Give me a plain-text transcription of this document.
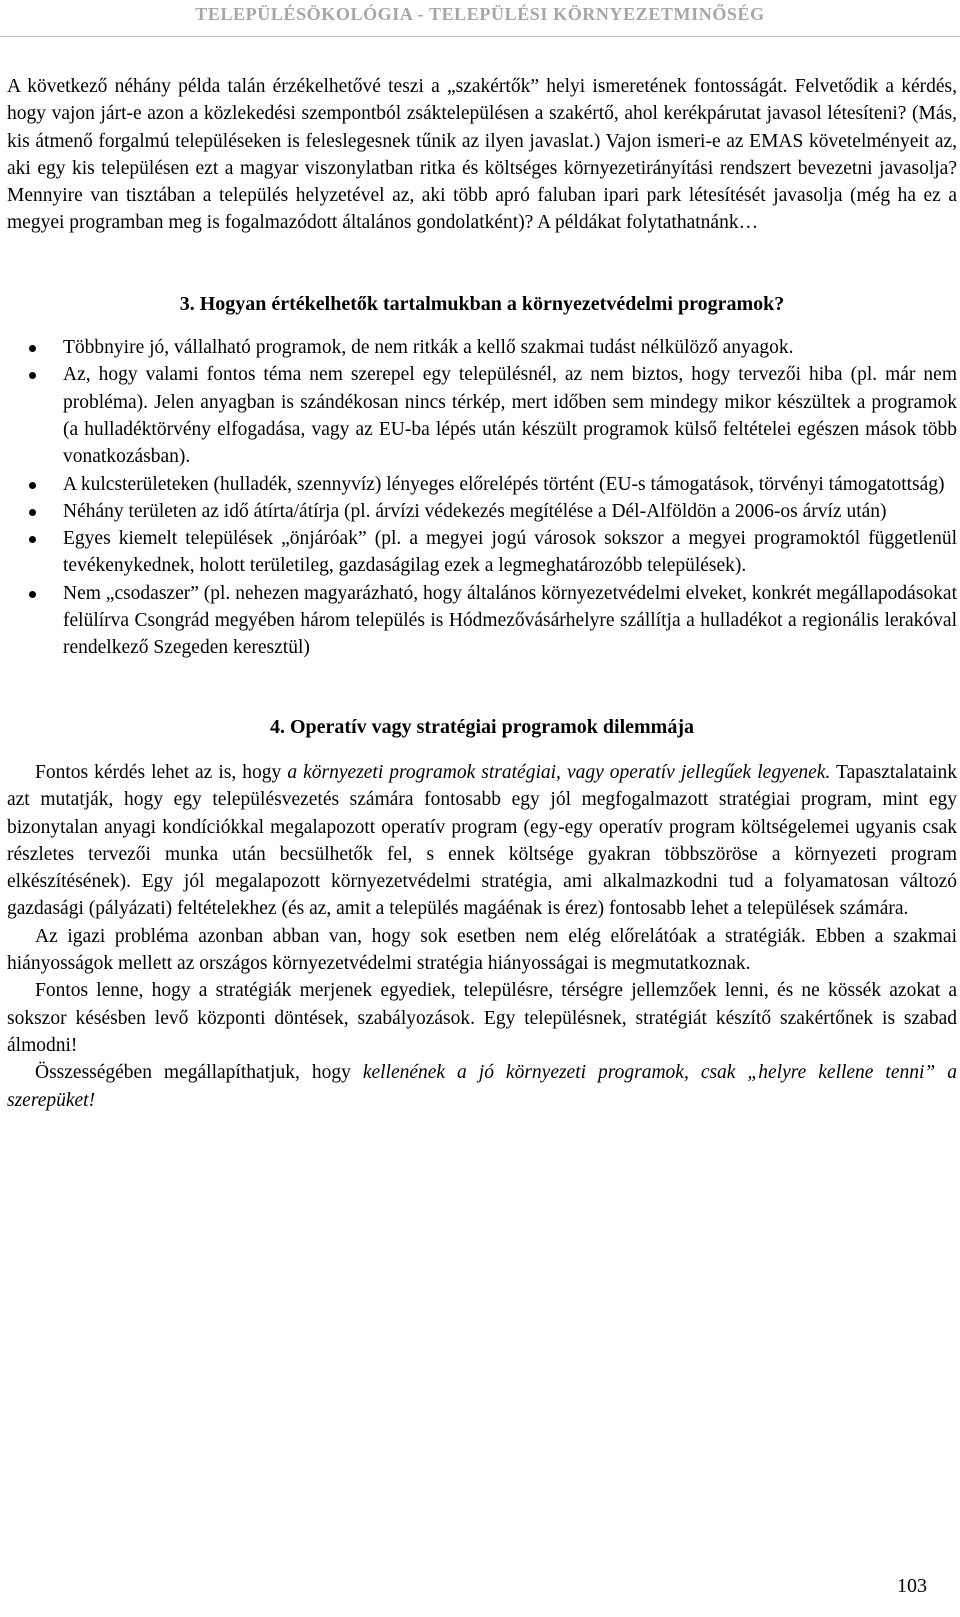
TELEPÜLÉSÖKOLÓGIA - TELEPÜLÉSI KÖRNYEZETMINŐSÉG

A következő néhány példa talán érzékelhetővé teszi a „szakértők” helyi ismeretének fontosságát. Felvetődik a kérdés, hogy vajon járt-e azon a közlekedési szempontból zsáktelepülésen a szakértő, ahol kerékpárutat javasol létesíteni? (Más, kis átmenő forgalmú településeken is feleslegesnek tűnik az ilyen javaslat.) Vajon ismeri-e az EMAS követelményeit az, aki egy kis településen ezt a magyar viszonylatban ritka és költséges környezetirányítási rendszert bevezetni javasolja? Mennyire van tisztában a település helyzetével az, aki több apró faluban ipari park létesítését javasolja (még ha ez a megyei programban meg is fogalmazódott általános gondolatként)? A példákat folytathatnánk…

3. Hogyan értékelhetők tartalmukban a környezetvédelmi programok?

Többnyire jó, vállalható programok, de nem ritkák a kellő szakmai tudást nélkülöző anyagok.
Az, hogy valami fontos téma nem szerepel egy településnél, az nem biztos, hogy tervezői hiba (pl. már nem probléma). Jelen anyagban is szándékosan nincs térkép, mert időben sem mindegy mikor készültek a programok (a hulladéktörvény elfogadása, vagy az EU-ba lépés után készült programok külső feltételei egészen mások több vonatkozásban).
A kulcsterületeken (hulladék, szennyvíz) lényeges előrelépés történt (EU-s támogatások, törvényi támogatottság)
Néhány területen az idő átírta/átírja (pl. árvízi védekezés megítélése a Dél-Alföldön a 2006-os árvíz után)
Egyes kiemelt települések „önjáróak” (pl. a megyei jogú városok sokszor a megyei programoktól függetlenül tevékenykednek, holott területileg, gazdaságilag ezek a legmeghatározóbb települések).
Nem „csodaszer” (pl. nehezen magyarázható, hogy általános környezetvédelmi elveket, konkrét megállapodásokat felülírva Csongrád megyében három település is Hódmezővásárhelyre szállítja a hulladékot a regionális lerakóval rendelkező Szegeden keresztül)

4. Operatív vagy stratégiai programok dilemmája

Fontos kérdés lehet az is, hogy a környezeti programok stratégiai, vagy operatív jellegűek legyenek. Tapasztalataink azt mutatják, hogy egy településvezetés számára fontosabb egy jól megfogalmazott stratégiai program, mint egy bizonytalan anyagi kondíciókkal megalapozott operatív program (egy-egy operatív program költségelemei ugyanis csak részletes tervezői munka után becsülhetők fel, s ennek költsége gyakran többszöröse a környezeti program elkészítésének). Egy jól megalapozott környezetvédelmi stratégia, ami alkalmazkodni tud a folyamatosan változó gazdasági (pályázati) feltételekhez (és az, amit a település magáénak is érez) fontosabb lehet a települések számára.

Az igazi probléma azonban abban van, hogy sok esetben nem elég előrelátóak a stratégiák. Ebben a szakmai hiányosságok mellett az országos környezetvédelmi stratégia hiányosságai is megmutatkoznak.

Fontos lenne, hogy a stratégiák merjenek egyediek, településre, térségre jellemzőek lenni, és ne kössék azokat a sokszor késésben levő központi döntések, szabályozások. Egy településnek, stratégiát készítő szakértőnek is szabad álmodni!

Összességében megállapíthatjuk, hogy kellenének a jó környezeti programok, csak „helyre kellene tenni” a szerepüket!

103
